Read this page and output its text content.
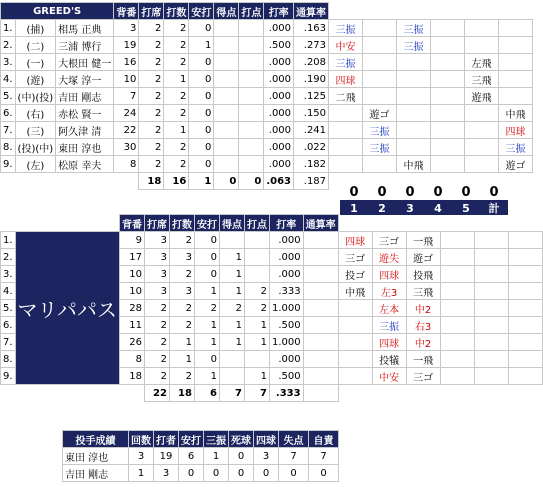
GREED'S			背番	打席	打数	安打	得点	打点	打率	通算率						
1.	(捕)	相馬 正典	3	2	2	0			.000	.163	三振		三振			
2.	(二)	三浦 博行	19	2	2	1			.500	.273	中安		三振			
3.	(一)	大根田 健一	16	2	2	0			.000	.208	三振				左飛	
4.	(遊)	大塚 淳一	10	2	1	0			.000	.190	四球				三飛	
5.	(中)(投)	吉田 剛志	7	2	2	0			.000	.125	二飛				遊飛	
6.	(右)	赤松 賢一	24	2	2	0			.000	.150		遊ゴ				中飛
7.	(三)	阿久津 清	22	2	1	0			.000	.241		三振				四球
8.	(投)(中)	東田 淳也	30	2	2	0			.000	.022		三振				三振
9.	(左)	松原 幸夫	8	2	2	0			.000	.182			中飛			遊ゴ
				18	16	1	0	0	.063	.187						
0	0	0	0	0	0
1	2	3	4	5	計

		背番	打席	打数	安打	得点	打点	打率	通算率						
1.	マリパパス	9	3	2	0			.000		四球	三ゴ	一飛			
2.		17	3	3	0	1		.000		三ゴ	遊失	遊ゴ			
3.		10	3	2	0	1		.000		投ゴ	四球	投飛			
4.		10	3	3	1	1	2	.333		中飛	左3	三飛			
5.		28	2	2	2	2	2	1.000			左本	中2			
6.		11	2	2	1	1	1	.500			三振	右3			
7.		26	2	1	1	1	1	1.000			四球	中2			
8.		8	2	1	0			.000			投犠	一飛			
9.		18	2	2	1		1	.500			中安	三ゴ			
			22	18	6	7	7	.333							
投手成績	回数	打者	安打	三振	死球	四球	失点	自責
東田 淳也	3	19	6	1	0	3	7	7
吉田 剛志	1	3	0	0	0	0	0	0
